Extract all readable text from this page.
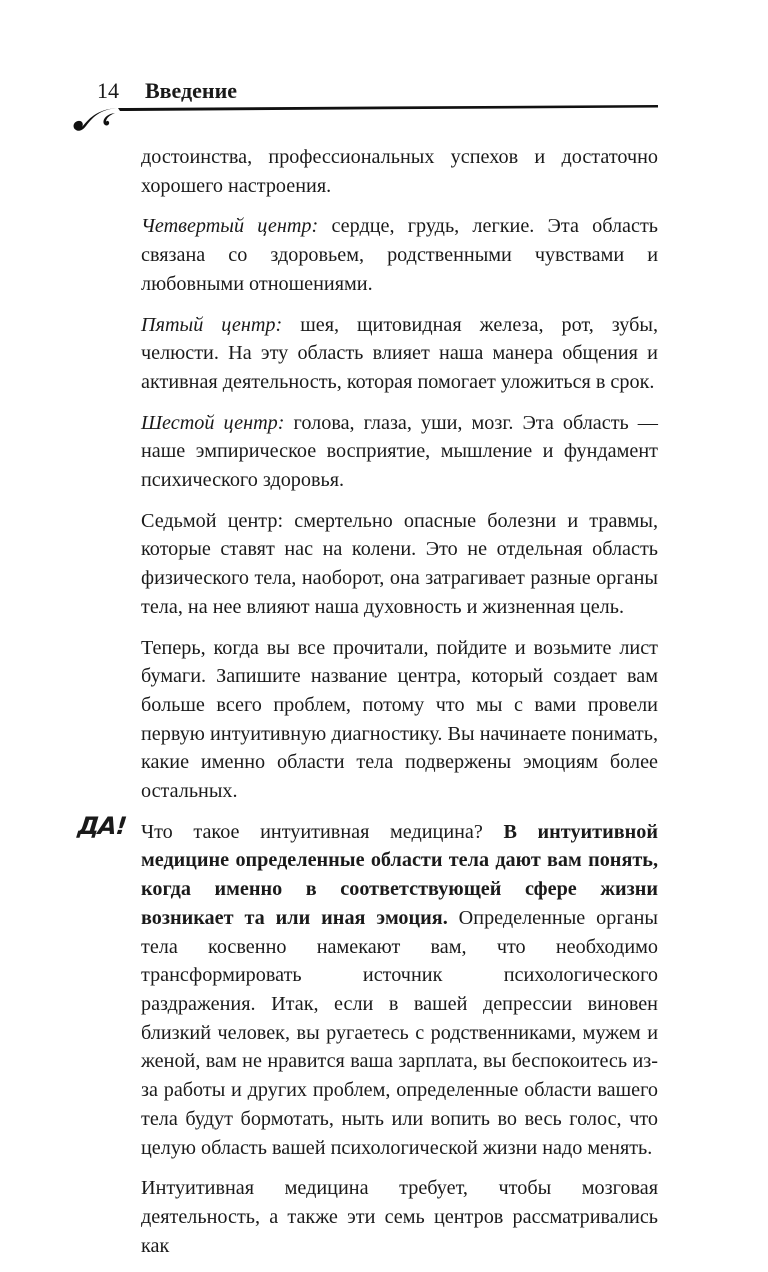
14 Введение
ДА!

достоинства, профессиональных успехов и достаточно хорошего настроения.

Четвертый центр: сердце, грудь, легкие. Эта область связана со здоровьем, родственными чувствами и любовными отношениями.

Пятый центр: шея, щитовидная железа, рот, зубы, челюсти. На эту область влияет наша манера общения и активная деятельность, которая помогает уложиться в срок.

Шестой центр: голова, глаза, уши, мозг. Эта область — наше эмпирическое восприятие, мышление и фундамент психического здоровья.

Седьмой центр: смертельно опасные болезни и травмы, которые ставят нас на колени. Это не отдельная область физического тела, наоборот, она затрагивает разные органы тела, на нее влияют наша духовность и жизненная цель.

Теперь, когда вы все прочитали, пойдите и возьмите лист бумаги. Запишите название центра, который создает вам больше всего проблем, потому что мы с вами провели первую интуитивную диагностику. Вы начинаете понимать, какие именно области тела подвержены эмоциям более остальных.

Что такое интуитивная медицина? В интуитивной медицине определенные области тела дают вам понять, когда именно в соответствующей сфере жизни возникает та или иная эмоция. Определенные органы тела косвенно намекают вам, что необходимо трансформировать источник психологического раздражения. Итак, если в вашей депрессии виновен близкий человек, вы ругаетесь с родственниками, мужем и женой, вам не нравится ваша зарплата, вы беспокоитесь из-за работы и других проблем, определенные области вашего тела будут бормотать, ныть или вопить во весь голос, что целую область вашей психологической жизни надо менять.

Интуитивная медицина требует, чтобы мозговая деятельность, а также эти семь центров рассматривались как
